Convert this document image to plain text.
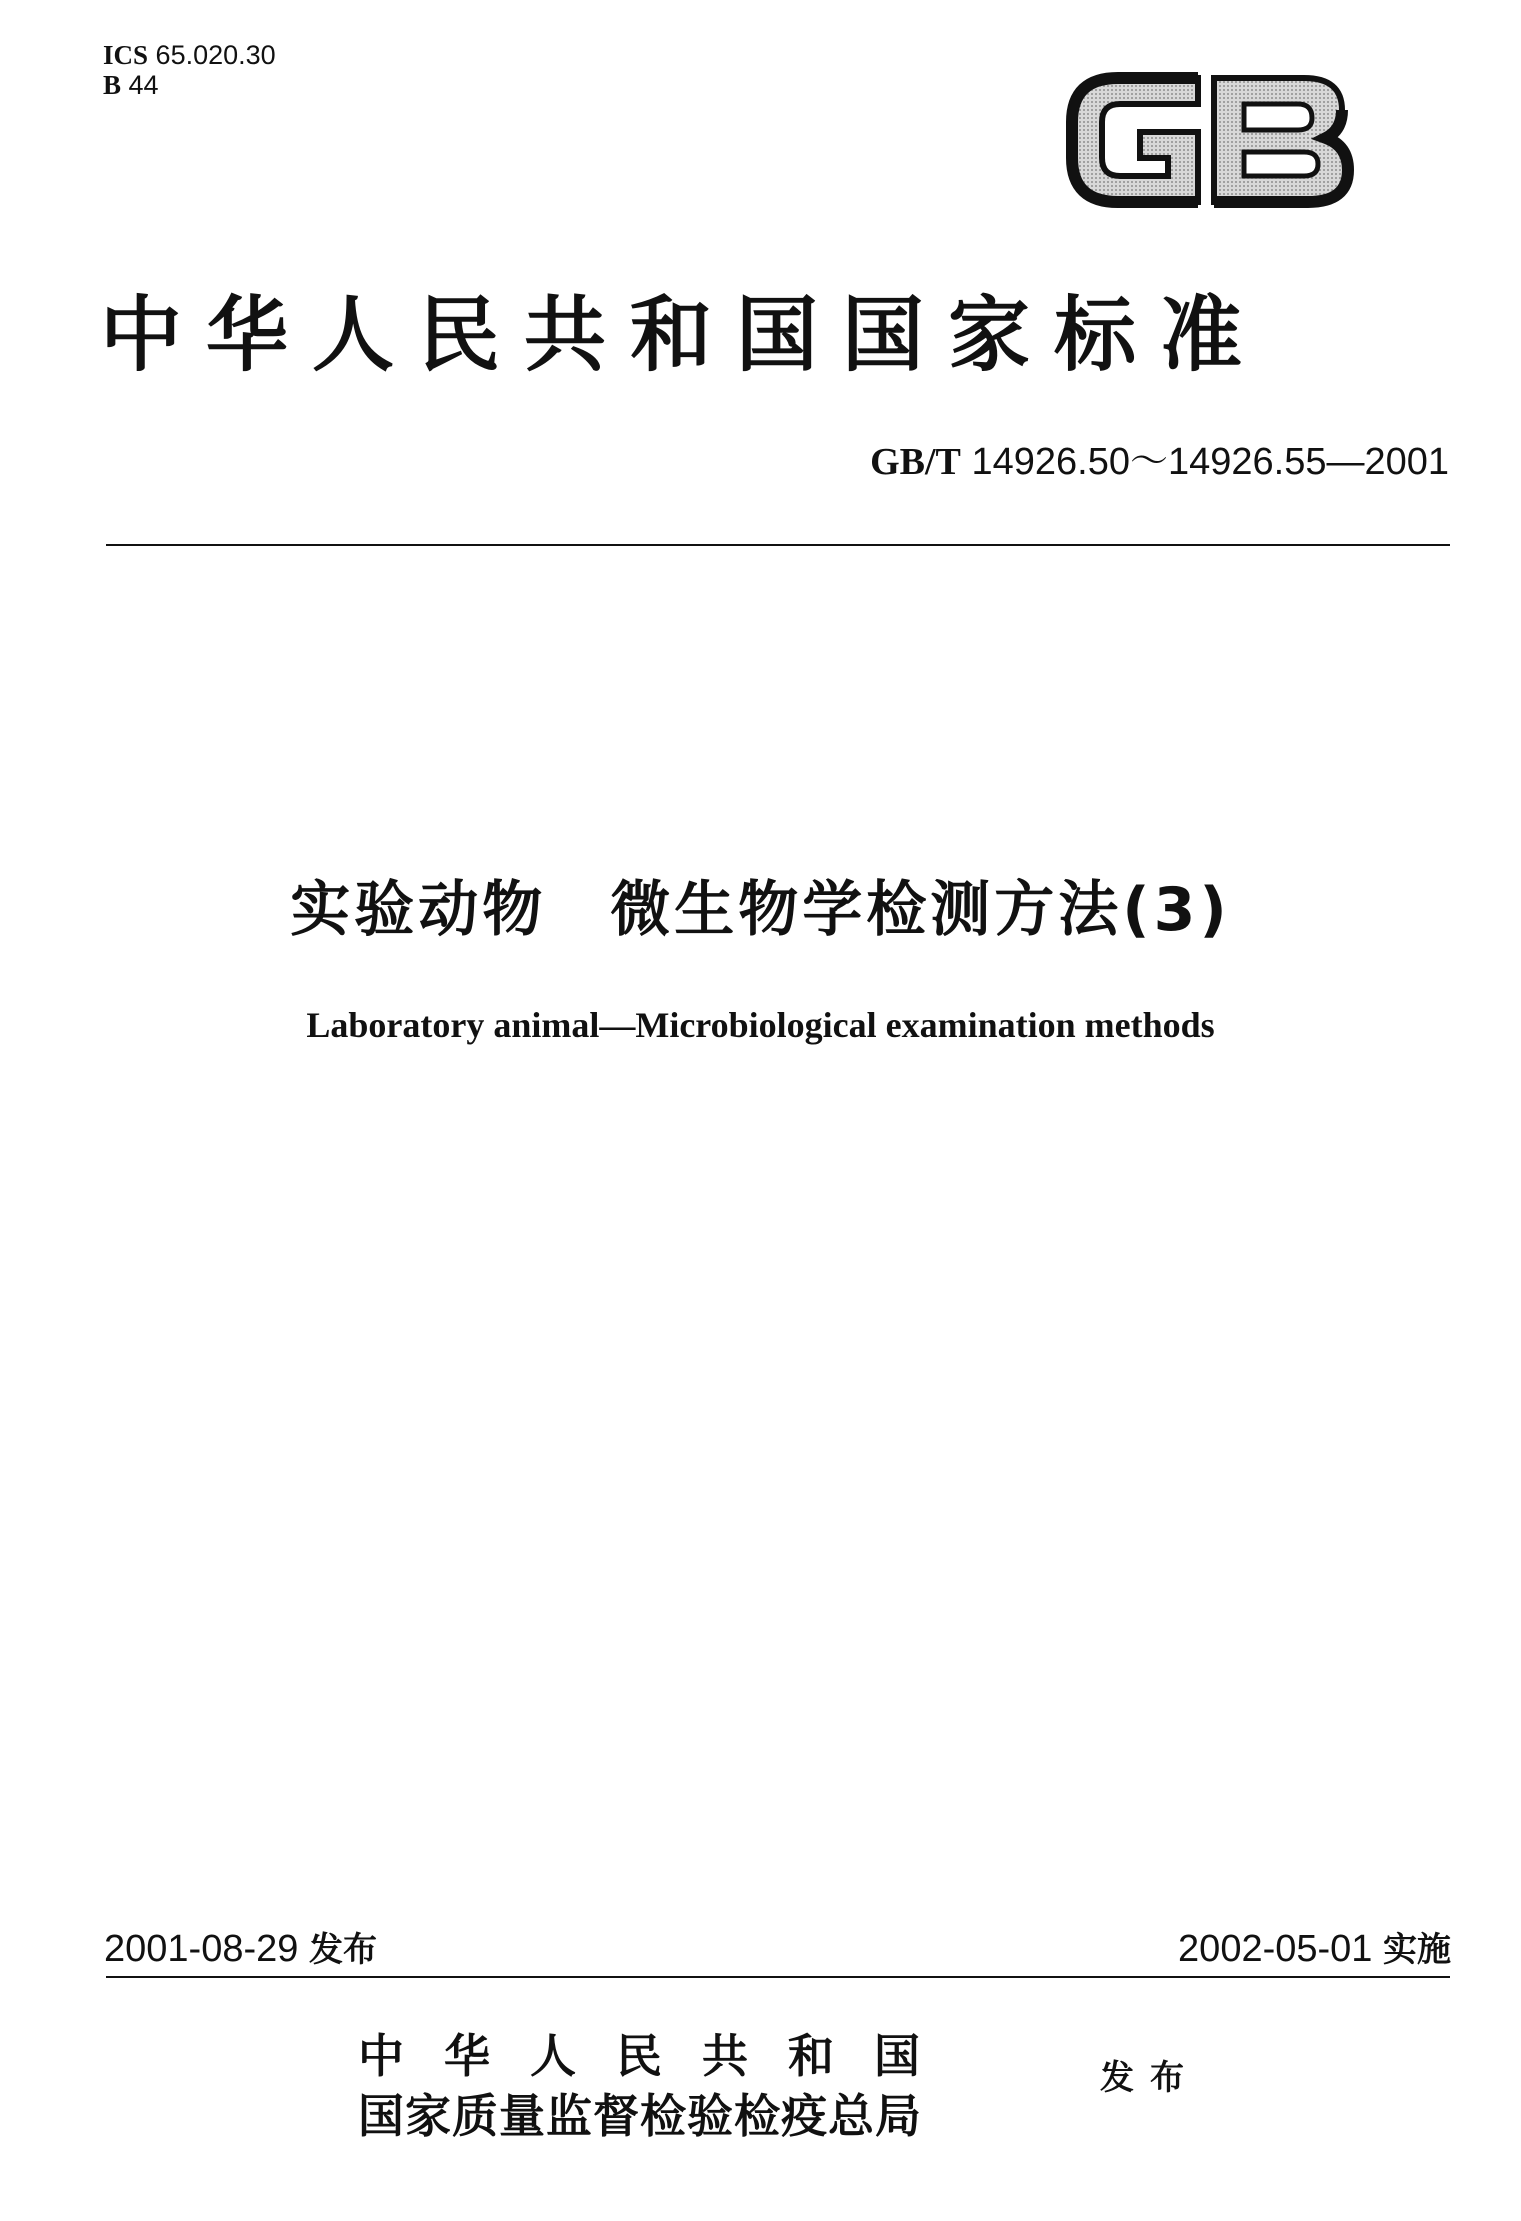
ICS 65.020.30
B 44
中华人民共和国国家标准
GB/T 14926.50～14926.55—2001
实验动物　微生物学检测方法(3)
Laboratory animal—Microbiological examination methods
2001-08-29 发布	2002-05-01 实施
中华人民共和国
国家质量监督检验检疫总局
发布
